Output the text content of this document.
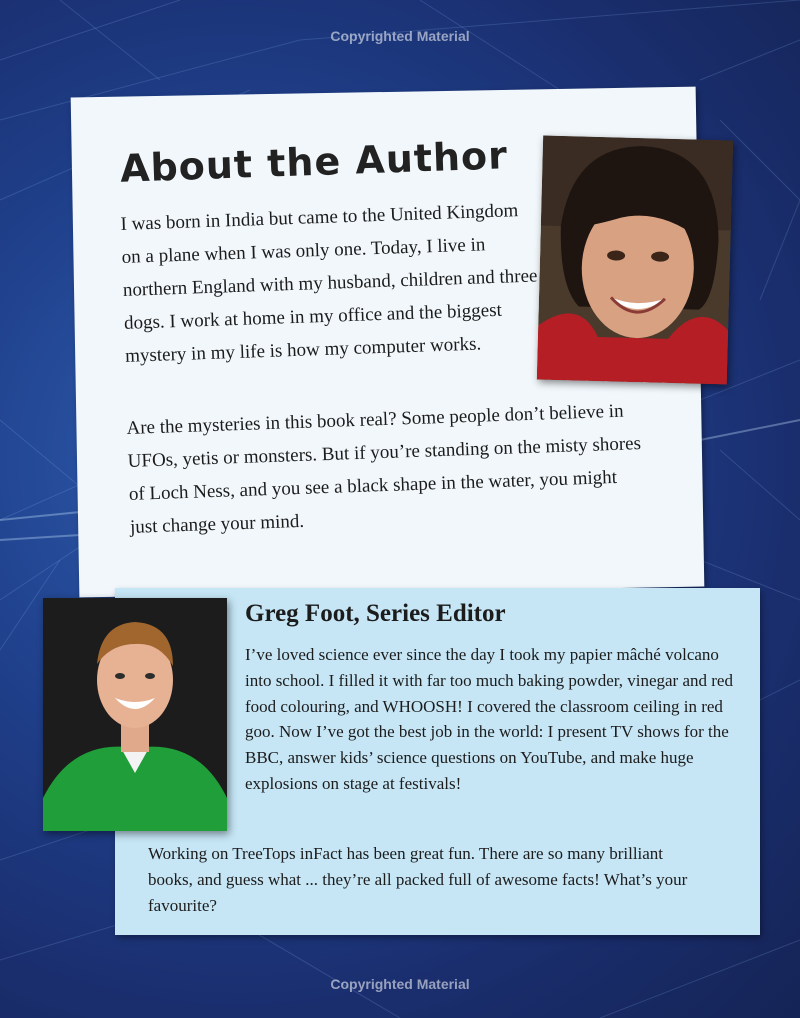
Copyrighted Material
About the Author

I was born in India but came to the United Kingdom on a plane when I was only one. Today, I live in northern England with my husband, children and three dogs. I work at home in my office and the biggest mystery in my life is how my computer works.

Are the mysteries in this book real? Some people don’t believe in UFOs, yetis or monsters. But if you’re standing on the misty shores of Loch Ness, and you see a black shape in the water, you might just change your mind.

Greg Foot, Series Editor

I’ve loved science ever since the day I took my papier mâché volcano into school. I filled it with far too much baking powder, vinegar and red food colouring, and WHOOSH! I covered the classroom ceiling in red goo. Now I’ve got the best job in the world: I present TV shows for the BBC, answer kids’ science questions on YouTube, and make huge explosions on stage at festivals!

Working on TreeTops inFact has been great fun. There are so many brilliant books, and guess what ... they’re all packed full of awesome facts! What’s your favourite?

Copyrighted Material
